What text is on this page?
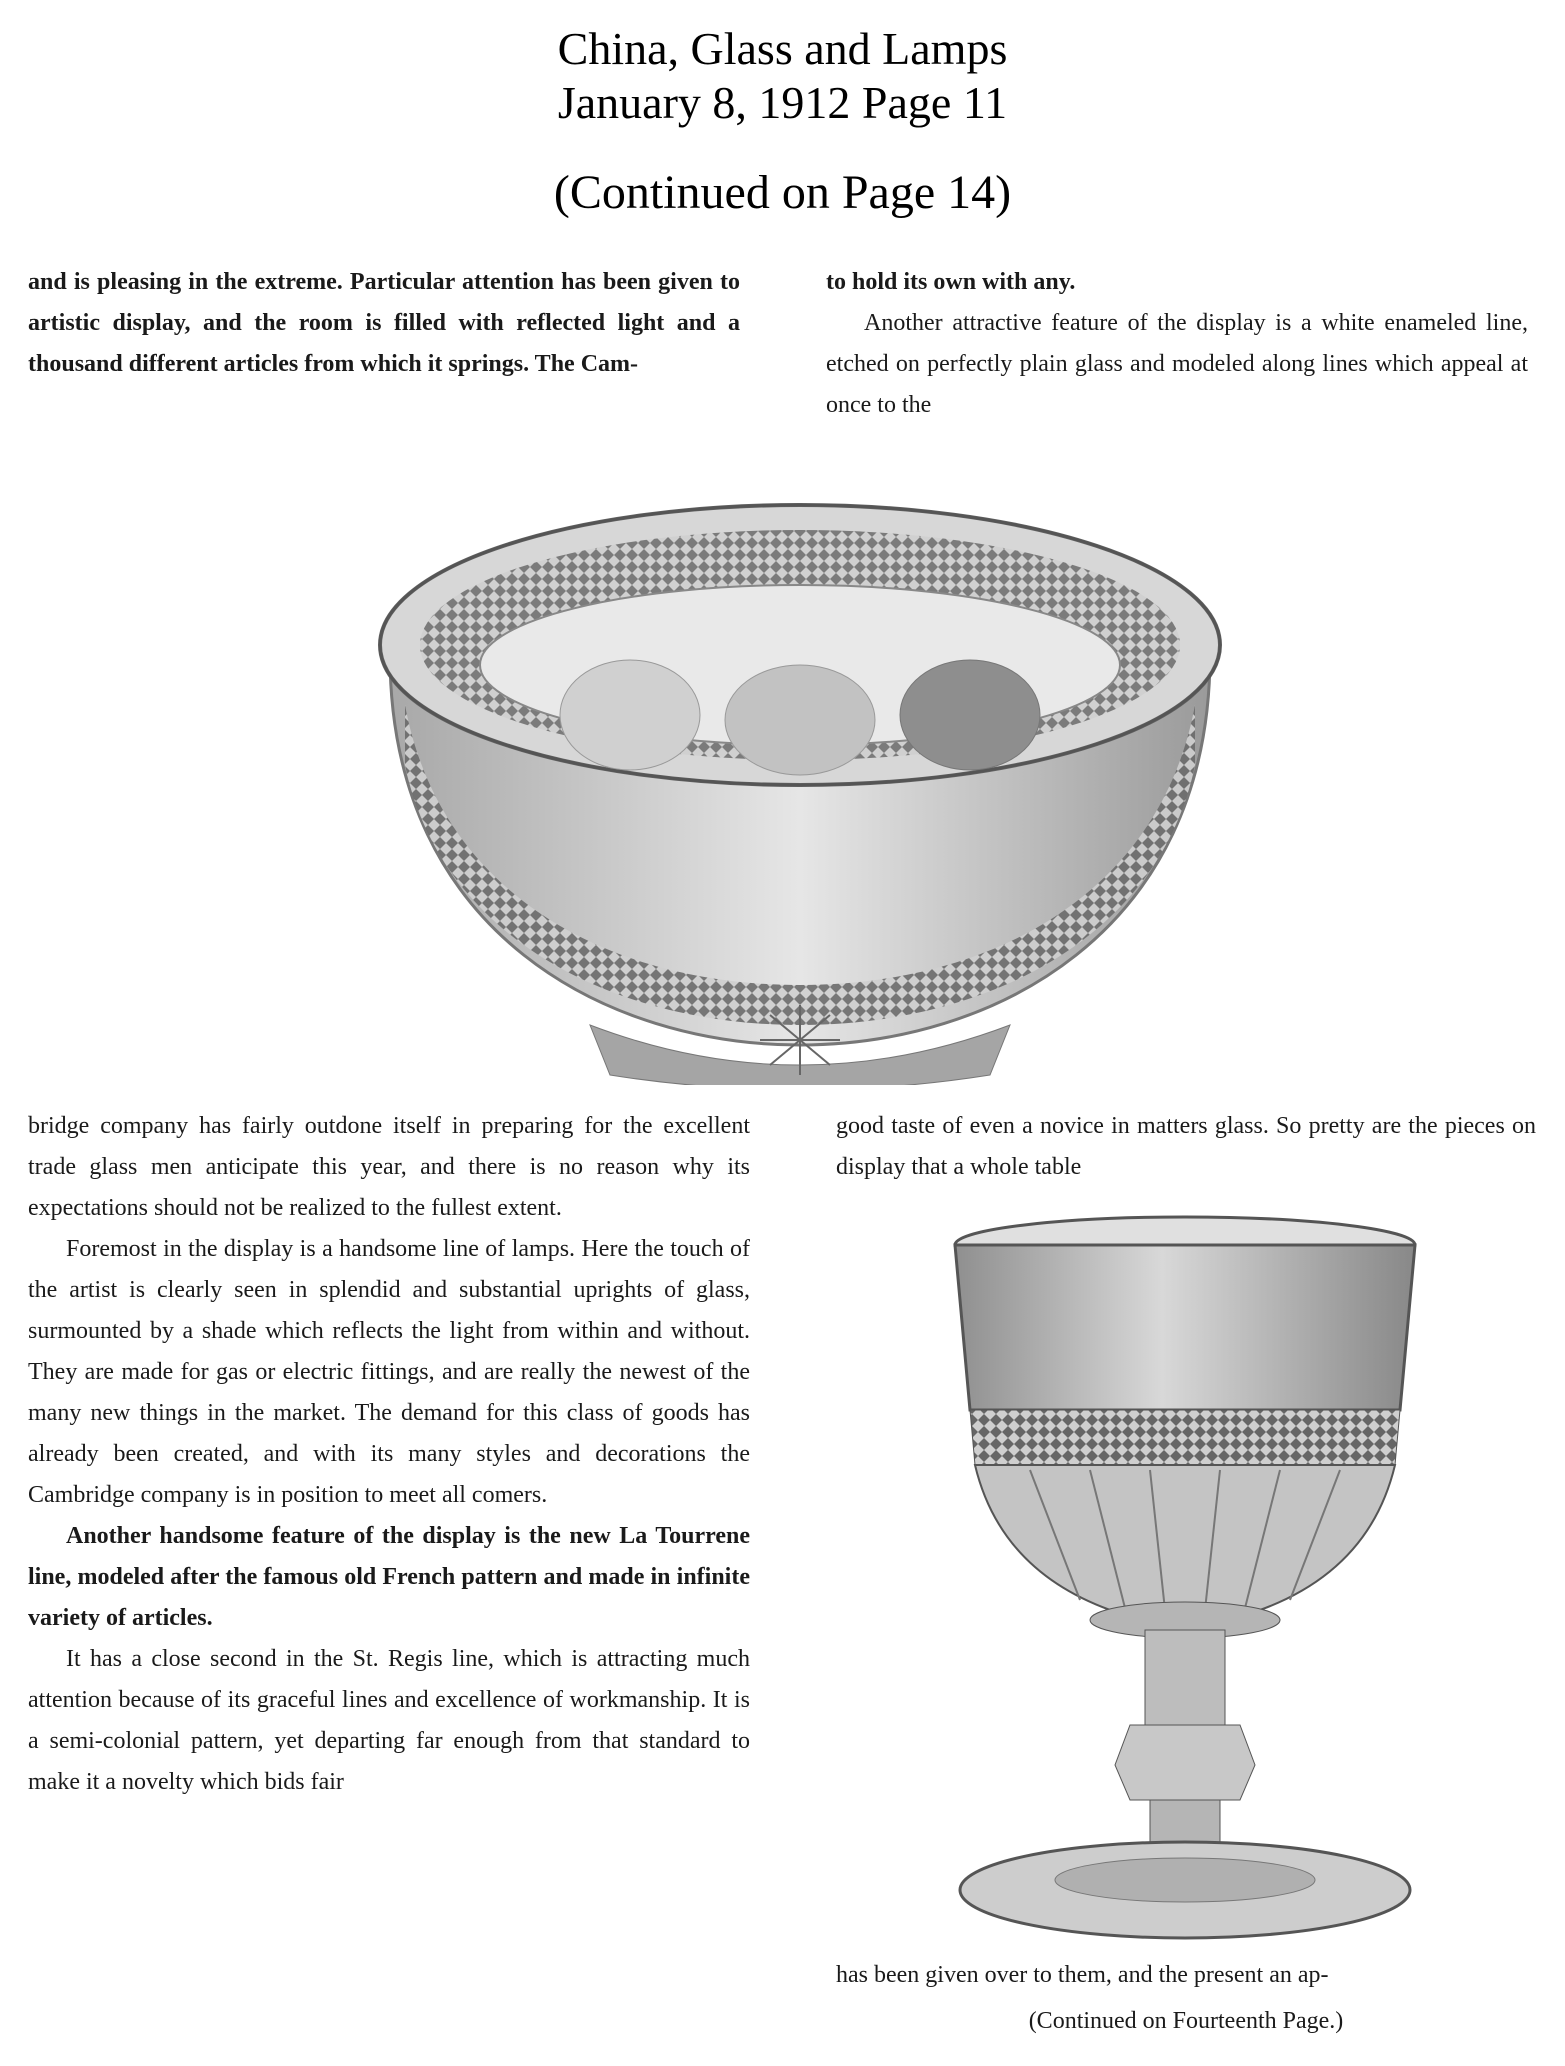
China, Glass and Lamps
January 8, 1912 Page 11
(Continued on Page 14)

and is pleasing in the extreme. Particular attention has been given to artistic display, and the room is filled with reflected light and a thousand different articles from which it springs. The Cam-

to hold its own with any.

Another attractive feature of the display is a white enameled line, etched on perfectly plain glass and modeled along lines which appeal at once to the

bridge company has fairly outdone itself in preparing for the excellent trade glass men anticipate this year, and there is no reason why its expectations should not be realized to the fullest extent.

Foremost in the display is a handsome line of lamps. Here the touch of the artist is clearly seen in splendid and substantial uprights of glass, surmounted by a shade which reflects the light from within and without. They are made for gas or electric fittings, and are really the newest of the many new things in the market. The demand for this class of goods has already been created, and with its many styles and decorations the Cambridge company is in position to meet all comers.

Another handsome feature of the display is the new La Tourrene line, modeled after the famous old French pattern and made in infinite variety of articles.

It has a close second in the St. Regis line, which is attracting much attention because of its graceful lines and excellence of workmanship. It is a semi-colonial pattern, yet departing far enough from that standard to make it a novelty which bids fair

good taste of even a novice in matters glass. So pretty are the pieces on display that a whole table

has been given over to them, and the present an ap-

(Continued on Fourteenth Page.)
